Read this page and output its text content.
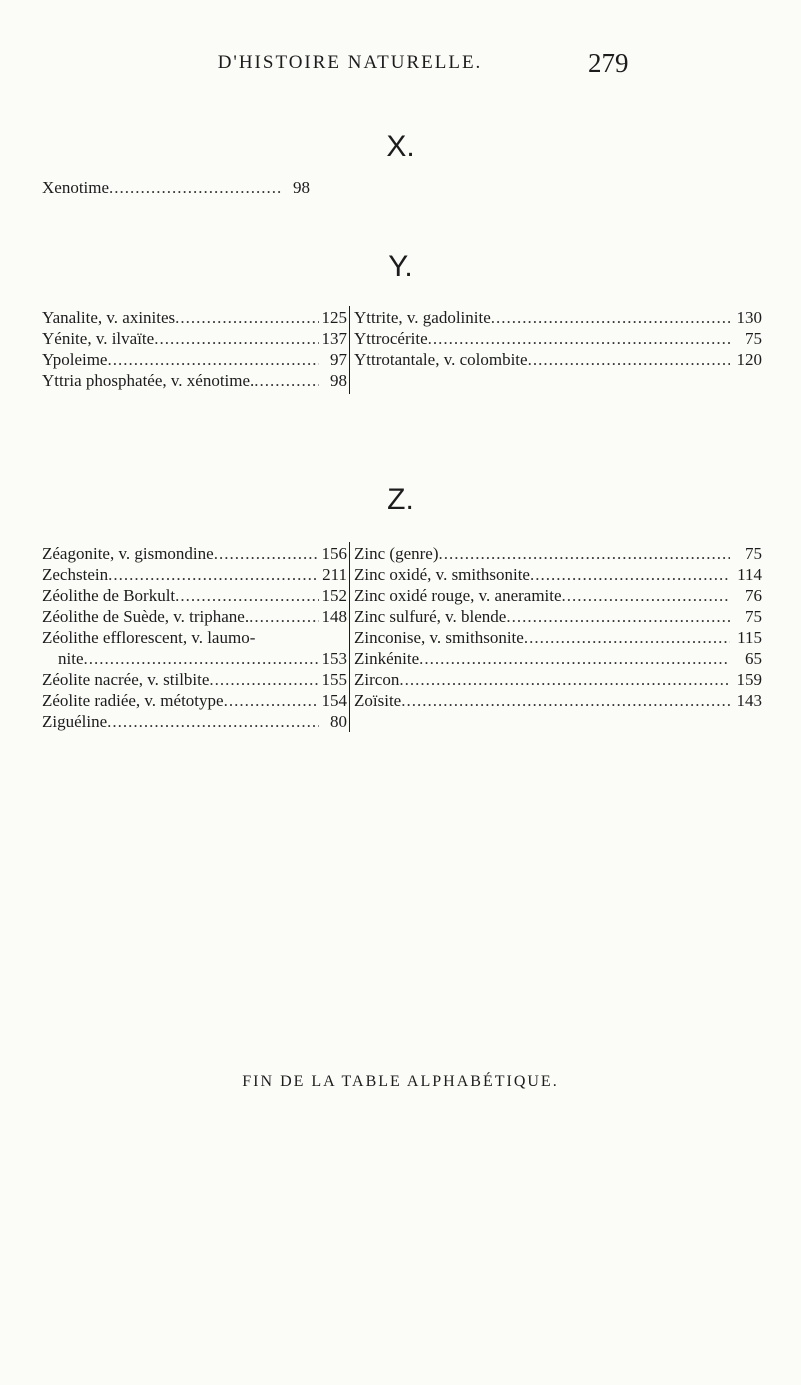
D'HISTOIRE NATURELLE.	279
X.
Xenotime .....	98
Y.
Yanalite, v. axinites .....	125
Yénite, v. ilvaïte .....	137
Ypoleime .....	97
Yttria phosphatée, v. xénotime. .....	98
Yttrite, v. gadolinite .....	130
Yttrocérite .....	75
Yttrotantale, v. colombite .....	120
Z.
Zéagonite, v. gismondine .....	156
Zechstein .....	211
Zéolithe de Borkult .....	152
Zéolithe de Suède, v. triphane. .....	148
Zéolithe efflorescent, v. laumo-
nite .....	153
Zéolite nacrée, v. stilbite .....	155
Zéolite radiée, v. métotype .....	154
Ziguéline .....	80
Zinc (genre) .....	75
Zinc oxidé, v. smithsonite .....	114
Zinc oxidé rouge, v. aneramite .....	76
Zinc sulfuré, v. blende .....	75
Zinconise, v. smithsonite .....	115
Zinkénite .....	65
Zircon .....	159
Zoïsite .....	143
FIN DE LA TABLE ALPHABÉTIQUE.
